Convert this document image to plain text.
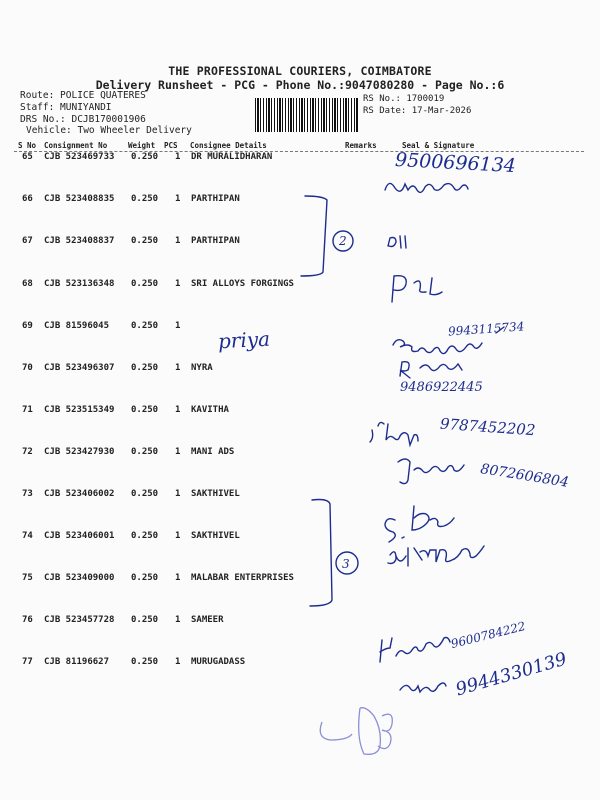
THE PROFESSIONAL COURIERS, COIMBATORE
Delivery Runsheet - PCG - Phone No.:9047080280 - Page No.:6
Route: POLICE QUATERES
Staff: MUNIYANDI
DRS No.: DCJB170001906
Vehicle: Two Wheeler Delivery
RS No.: 1700019
RS Date: 17-Mar-2026
S No Consignment No	Weight PCS Consignee Details	Remarks	Seal & Signature
65 CJB 523469733 0.250 1 DR MURALIDHARAN
66 CJB 523408835 0.250 1 PARTHIPAN
67 CJB 523408837 0.250 1 PARTHIPAN
68 CJB 523136348 0.250 1 SRI ALLOYS FORGINGS
69 CJB 81596045 0.250 1
70 CJB 523496307 0.250 1 NYRA
71 CJB 523515349 0.250 1 KAVITHA
72 CJB 523427930 0.250 1 MANI ADS
73 CJB 523406002 0.250 1 SAKTHIVEL
74 CJB 523406001 0.250 1 SAKTHIVEL
75 CJB 523409000 0.250 1 MALABAR ENTERPRISES
76 CJB 523457728 0.250 1 SAMEER
77 CJB 81196627 0.250 1 MURUGADASS
9500696134
priya	9943115734
9486922445
9787452202
8072606804
9600784222
9944330139
2
3
